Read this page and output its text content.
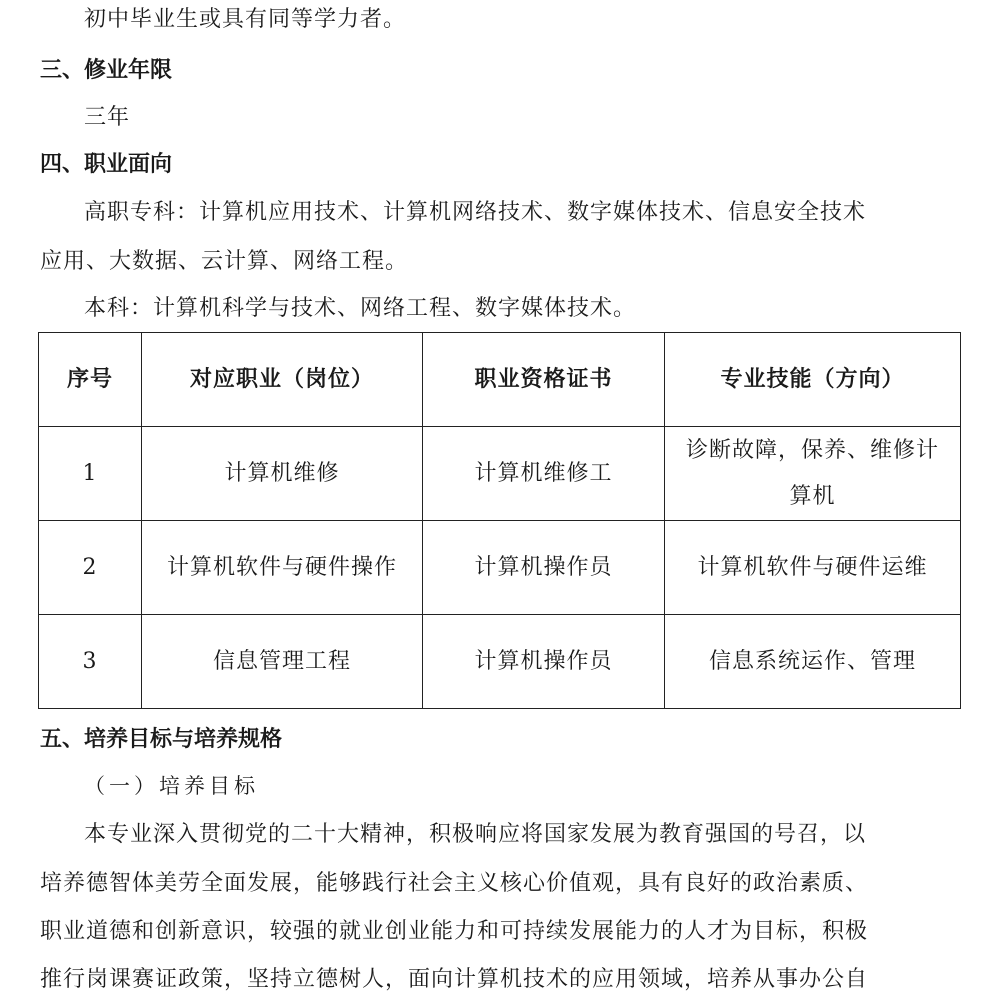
初中毕业生或具有同等学力者。
三、修业年限
三年
四、职业面向
高职专科：计算机应用技术、计算机网络技术、数字媒体技术、信息安全技术
应用、大数据、云计算、网络工程。
本科：计算机科学与技术、网络工程、数字媒体技术。
序号	对应职业（岗位）	职业资格证书	专业技能（方向）
1	计算机维修	计算机维修工	诊断故障，保养、维修计算机
2	计算机软件与硬件操作	计算机操作员	计算机软件与硬件运维
3	信息管理工程	计算机操作员	信息系统运作、管理
五、培养目标与培养规格
（一）培养目标
本专业深入贯彻党的二十大精神，积极响应将国家发展为教育强国的号召，以
培养德智体美劳全面发展，能够践行社会主义核心价值观，具有良好的政治素质、
职业道德和创新意识，较强的就业创业能力和可持续发展能力的人才为目标，积极
推行岗课赛证政策，坚持立德树人，面向计算机技术的应用领域，培养从事办公自
